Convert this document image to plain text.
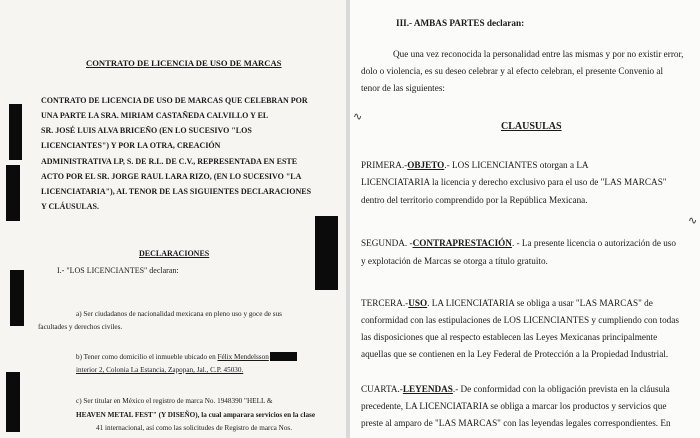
CONTRATO DE LICENCIA DE USO DE MARCAS
CONTRATO DE LICENCIA DE USO DE MARCAS QUE CELEBRAN POR
UNA PARTE LA SRA. MIRIAM CASTAÑEDA CALVILLO Y EL
SR. JOSÉ LUIS ALVA BRICEÑO (EN LO SUCESIVO "LOS
LICENCIANTES") Y POR LA OTRA, CREACIÓN
ADMINISTRATIVA LP, S. DE R.L. DE C.V., REPRESENTADA EN ESTE
ACTO POR EL SR. JORGE RAUL LARA RIZO, (EN LO SUCESIVO "LA
LICENCIATARIA"), AL TENOR DE LAS SIGUIENTES DECLARACIONES
Y CLÁUSULAS.
DECLARACIONES
I.- "LOS LICENCIANTES" declaran:
a) Ser ciudadanos de nacionalidad mexicana en pleno uso y goce de sus
facultades y derechos civiles.
b) Tener como domicilio el inmueble ubicado en Félix Mendelsson
interior 2, Colonia La Estancia, Zapopan, Jal., C.P. 45030.
c) Ser titular en México el registro de marca No. 1948390 "HELL &
HEAVEN METAL FEST" (Y DISEÑO), la cual amparara servicios en la clase
41 internacional, así como las solicitudes de Registro de marca Nos.
III.- AMBAS PARTES declaran:
Que una vez reconocida la personalidad entre las mismas y por no existir error,
dolo o violencia, es su deseo celebrar y al efecto celebran, el presente Convenio al
tenor de las siguientes:
CLAUSULAS
PRIMERA.-OBJETO.- LOS LICENCIANTES otorgan a LA
LICENCIATARIA la licencia y derecho exclusivo para el uso de "LAS MARCAS"
dentro del territorio comprendido por la República Mexicana.
SEGUNDA. -CONTRAPRESTACIÓN. - La presente licencia o autorización de uso
y explotación de Marcas se otorga a título gratuito.
TERCERA.-USO. LA LICENCIATARIA se obliga a usar "LAS MARCAS" de
conformidad con las estipulaciones de LOS LICENCIANTES y cumpliendo con todas
las disposiciones que al respecto establecen las Leyes Mexicanas principalmente
aquellas que se contienen en la Ley Federal de Protección a la Propiedad Industrial.
CUARTA.-LEYENDAS.- De conformidad con la obligación prevista en la cláusula
precedente, LA LICENCIATARIA se obliga a marcar los productos y servicios que
preste al amparo de "LAS MARCAS" con las leyendas legales correspondientes. En
∿
∿
